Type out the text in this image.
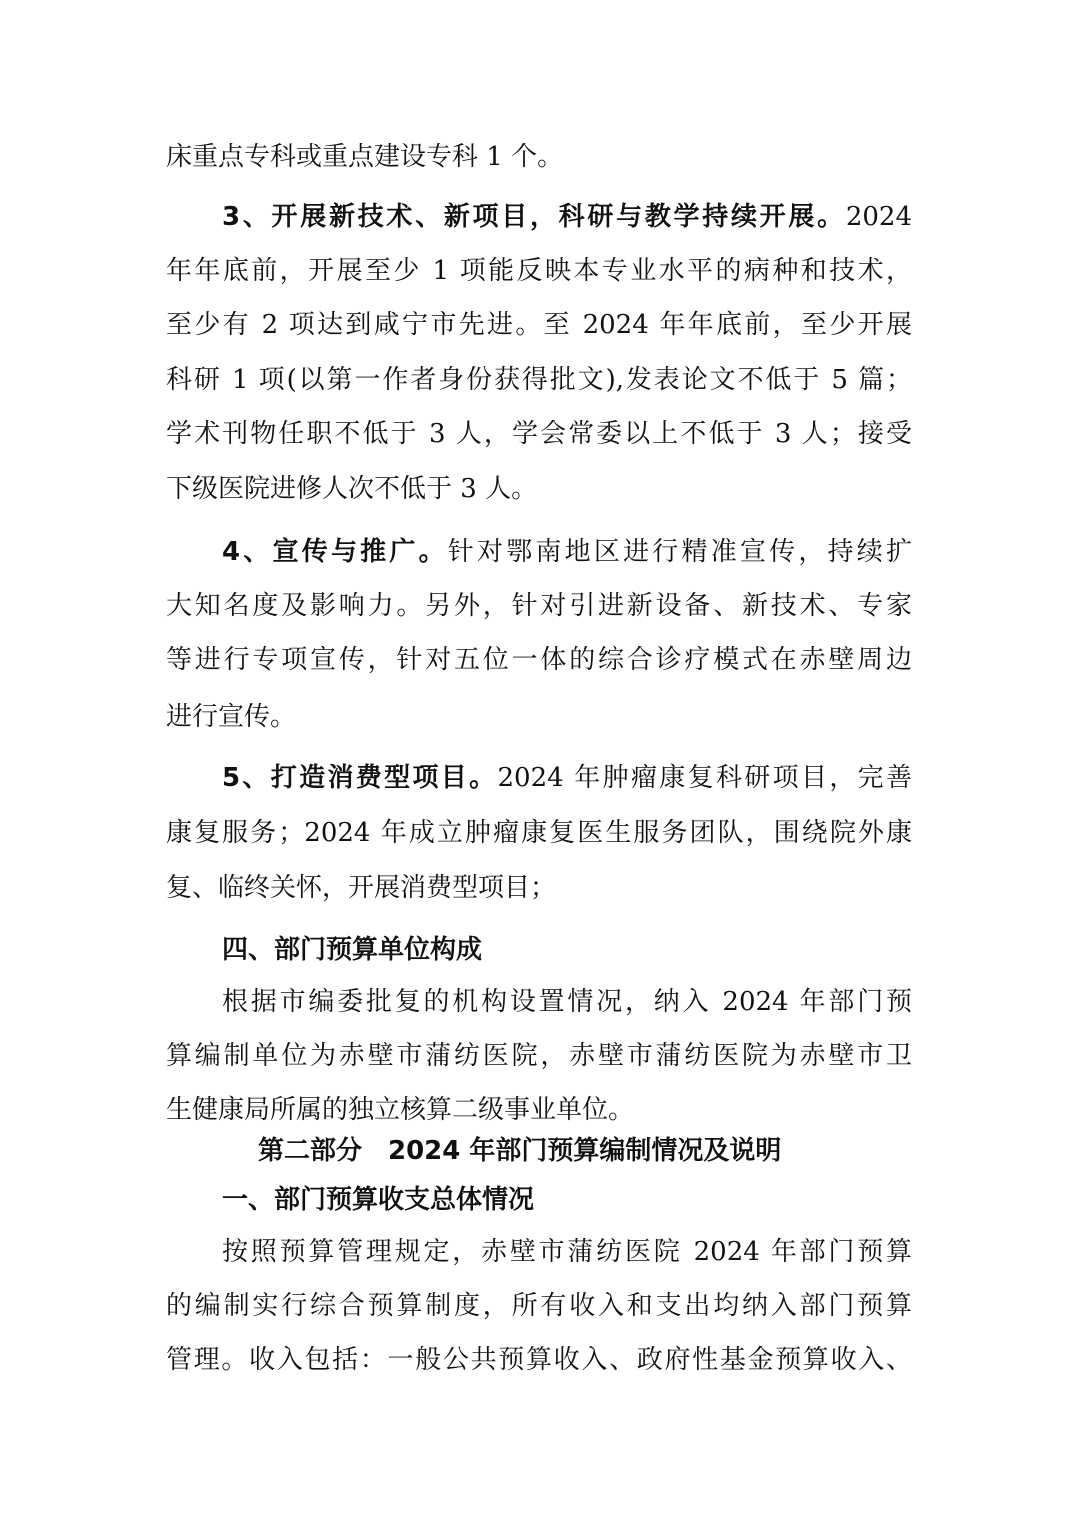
床重点专科或重点建设专科 1 个。
3、开展新技术、新项目，科研与教学持续开展。2024
年年底前，开展至少 1 项能反映本专业水平的病种和技术，
至少有 2 项达到咸宁市先进。至 2024 年年底前，至少开展
科研 1 项(以第一作者身份获得批文),发表论文不低于 5 篇；
学术刊物任职不低于 3 人，学会常委以上不低于 3 人；接受
下级医院进修人次不低于 3 人。
4、宣传与推广。针对鄂南地区进行精准宣传，持续扩
大知名度及影响力。另外，针对引进新设备、新技术、专家
等进行专项宣传，针对五位一体的综合诊疗模式在赤壁周边
进行宣传。
5、打造消费型项目。2024 年肿瘤康复科研项目，完善
康复服务；2024 年成立肿瘤康复医生服务团队，围绕院外康
复、临终关怀，开展消费型项目；
四、部门预算单位构成
根据市编委批复的机构设置情况，纳入 2024 年部门预
算编制单位为赤壁市蒲纺医院，赤壁市蒲纺医院为赤壁市卫
生健康局所属的独立核算二级事业单位。
第二部分　2024 年部门预算编制情况及说明
一、部门预算收支总体情况
按照预算管理规定，赤壁市蒲纺医院 2024 年部门预算
的编制实行综合预算制度，所有收入和支出均纳入部门预算
管理。收入包括：一般公共预算收入、政府性基金预算收入、
